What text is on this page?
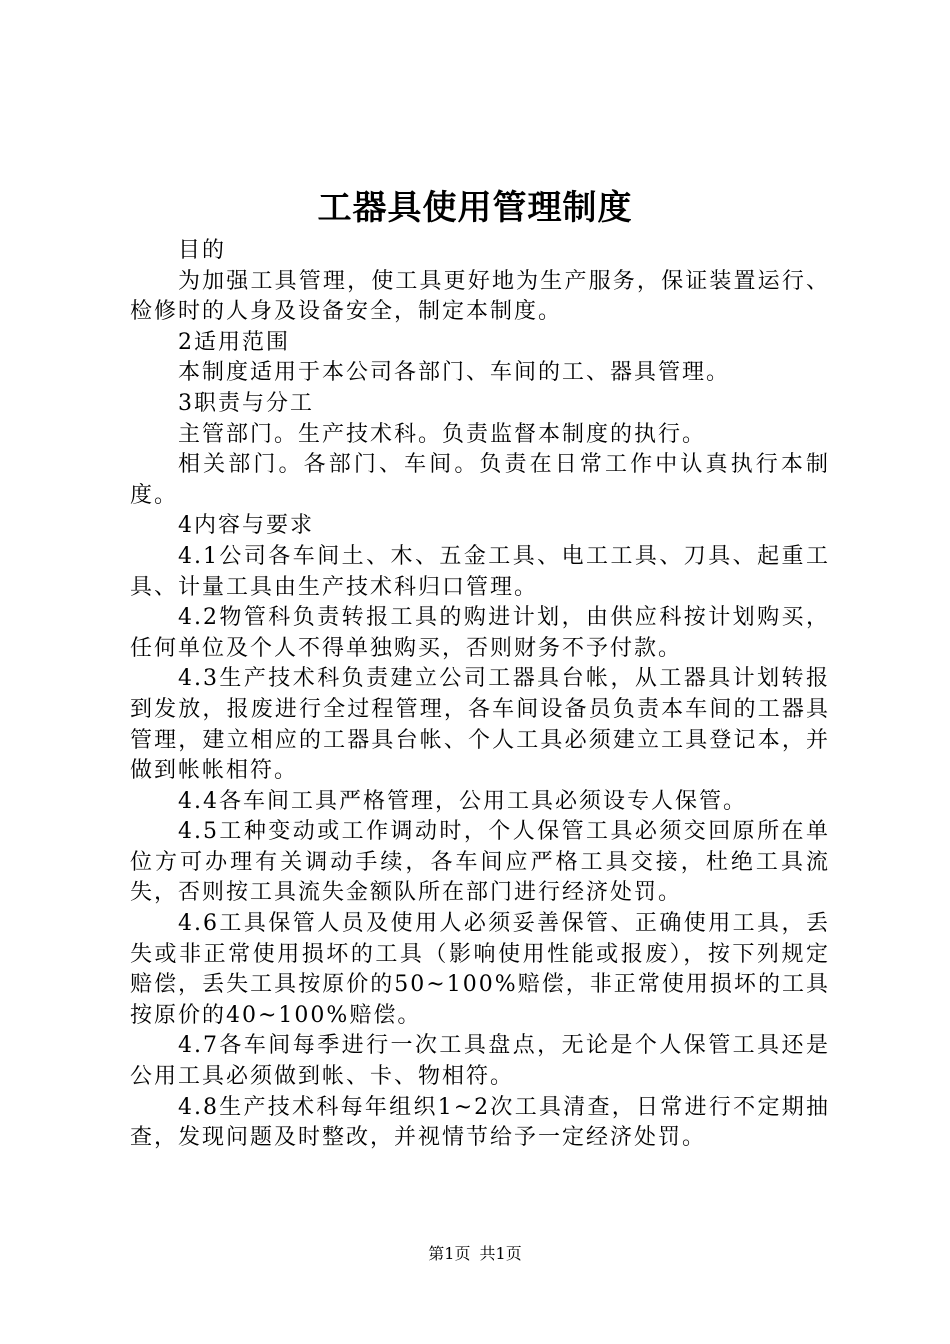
工器具使用管理制度

目的

为加强工具管理，使工具更好地为生产服务，保证装置运行、检修时的人身及设备安全，制定本制度。

2适用范围

本制度适用于本公司各部门、车间的工、器具管理。

3职责与分工

主管部门。生产技术科。负责监督本制度的执行。

相关部门。各部门、车间。负责在日常工作中认真执行本制度。

4内容与要求

4.1公司各车间土、木、五金工具、电工工具、刀具、起重工具、计量工具由生产技术科归口管理。

4.2物管科负责转报工具的购进计划，由供应科按计划购买，任何单位及个人不得单独购买，否则财务不予付款。

4.3生产技术科负责建立公司工器具台帐，从工器具计划转报到发放，报废进行全过程管理，各车间设备员负责本车间的工器具管理，建立相应的工器具台帐、个人工具必须建立工具登记本，并做到帐帐相符。

4.4各车间工具严格管理，公用工具必须设专人保管。

4.5工种变动或工作调动时，个人保管工具必须交回原所在单位方可办理有关调动手续，各车间应严格工具交接，杜绝工具流失，否则按工具流失金额队所在部门进行经济处罚。

4.6工具保管人员及使用人必须妥善保管、正确使用工具，丢失或非正常使用损坏的工具（影响使用性能或报废），按下列规定赔偿，丢失工具按原价的50~100%赔偿，非正常使用损坏的工具按原价的40~100%赔偿。

4.7各车间每季进行一次工具盘点，无论是个人保管工具还是公用工具必须做到帐、卡、物相符。

4.8生产技术科每年组织1~2次工具清查，日常进行不定期抽查，发现问题及时整改，并视情节给予一定经济处罚。

第1页 共1页
